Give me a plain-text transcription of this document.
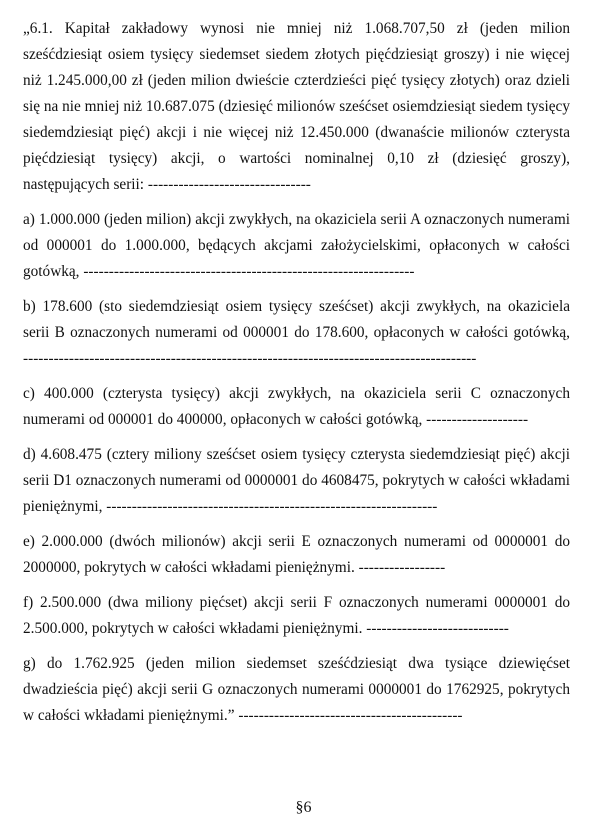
„6.1. Kapitał zakładowy wynosi nie mniej niż 1.068.707,50 zł (jeden milion sześćdziesiąt osiem tysięcy siedemset siedem złotych pięćdziesiąt groszy) i nie więcej niż 1.245.000,00 zł (jeden milion dwieście czterdzieści pięć tysięcy złotych) oraz dzieli się na nie mniej niż 10.687.075 (dziesięć milionów sześćset osiemdziesiąt siedem tysięcy siedemdziesiąt pięć) akcji i nie więcej niż 12.450.000 (dwanaście milionów czterysta pięćdziesiąt tysięcy) akcji, o wartości nominalnej 0,10 zł (dziesięć groszy), następujących serii: --------------------------------

a) 1.000.000 (jeden milion) akcji zwykłych, na okaziciela serii A oznaczonych numerami od 000001 do 1.000.000, będących akcjami założycielskimi, opłaconych w całości gotówką, -----------------------------------------------------------------

b) 178.600 (sto siedemdziesiąt osiem tysięcy sześćset) akcji zwykłych, na okaziciela serii B oznaczonych numerami od 000001 do 178.600, opłaconych w całości gotówką, -----------------------------------------------------------------------------------------

c) 400.000 (czterysta tysięcy) akcji zwykłych, na okaziciela serii C oznaczonych numerami od 000001 do 400000, opłaconych w całości gotówką, --------------------

d) 4.608.475 (cztery miliony sześćset osiem tysięcy czterysta siedemdziesiąt pięć) akcji serii D1 oznaczonych numerami od 0000001 do 4608475, pokrytych w całości wkładami pieniężnymi, -----------------------------------------------------------------

e) 2.000.000 (dwóch milionów) akcji serii E oznaczonych numerami od 0000001 do 2000000, pokrytych w całości wkładami pieniężnymi. -----------------

f) 2.500.000 (dwa miliony pięćset) akcji serii F oznaczonych numerami 0000001 do 2.500.000, pokrytych w całości wkładami pieniężnymi. ----------------------------

g) do 1.762.925 (jeden milion siedemset sześćdziesiąt dwa tysiące dziewięćset dwadzieścia pięć) akcji serii G oznaczonych numerami 0000001 do 1762925, pokrytych w całości wkładami pieniężnymi.” --------------------------------------------

§6
